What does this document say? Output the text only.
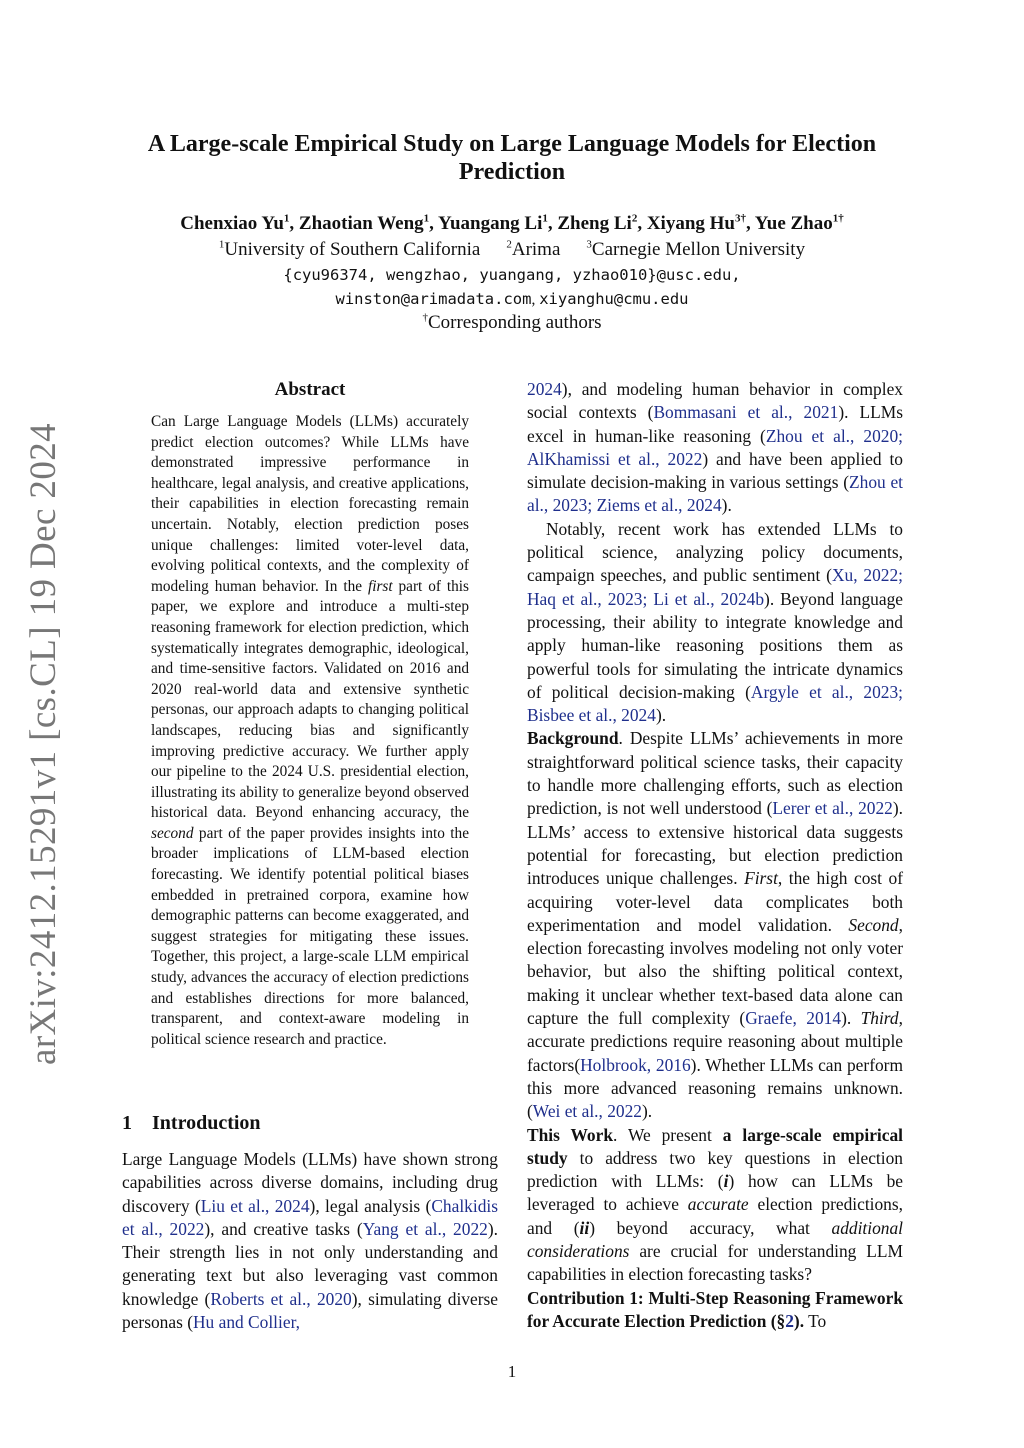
A Large-scale Empirical Study on Large Language Models for Election Prediction
Chenxiao Yu$^1$, Zhaotian Weng$^1$, Yuangang Li$^1$, Zheng Li$^2$, Xiyang $Hu^{3\dagger}$, Yue Zhao$^{1\dagger}$
$^1$University of Southern California $^2$Arima $^3$Carnegie Mellon University
{cyu96374, wengzhao, yuangang, yzhao010}@usc.edu,
winston@arimadata.com, xiyanghu@cmu.edu
†Corresponding authors
arXiv:2412.15291v1 [cs.CL] 19 Dec 2024
Abstract
Can Large Language Models (LLMs) accurately predict election outcomes? While LLMs have demonstrated impressive performance in healthcare, legal analysis, and creative applications, their capabilities in election forecasting remain uncertain. Notably, election prediction poses unique challenges: limited voter-level data, evolving political contexts, and the complexity of modeling human behavior. In the first part of this paper, we explore and introduce a multi-step reasoning framework for election prediction, which systematically integrates demographic, ideological, and time-sensitive factors. Validated on 2016 and 2020 real-world data and extensive synthetic personas, our approach adapts to changing political landscapes, reducing bias and significantly improving predictive accuracy. We further apply our pipeline to the 2024 U.S. presidential election, illustrating its ability to generalize beyond observed historical data. Beyond enhancing accuracy, the second part of the paper provides insights into the broader implications of LLM-based election forecasting. We identify potential political biases embedded in pretrained corpora, examine how demographic patterns can become exaggerated, and suggest strategies for mitigating these issues. Together, this project, a large-scale LLM empirical study, advances the accuracy of election predictions and establishes directions for more balanced, transparent, and context-aware modeling in political science research and practice.
1 Introduction
Large Language Models (LLMs) have shown strong capabilities across diverse domains, including drug discovery (Liu et al., 2024), legal analysis (Chalkidis et al., 2022), and creative tasks (Yang et al., 2022). Their strength lies in not only understanding and generating text but also leveraging vast common knowledge (Roberts et al., 2020), simulating diverse personas (Hu and Collier,

2024), and modeling human behavior in complex social contexts (Bommasani et al., 2021). LLMs excel in human-like reasoning (Zhou et al., 2020; AlKhamissi et al., 2022) and have been applied to simulate decision-making in various settings (Zhou et al., 2023; Ziems et al., 2024).

Notably, recent work has extended LLMs to political science, analyzing policy documents, campaign speeches, and public sentiment (Xu, 2022; Haq et al., 2023; Li et al., 2024b). Beyond language processing, their ability to integrate knowledge and apply human-like reasoning positions them as powerful tools for simulating the intricate dynamics of political decision-making (Argyle et al., 2023; Bisbee et al., 2024).

Background. Despite LLMs’ achievements in more straightforward political science tasks, their capacity to handle more challenging efforts, such as election prediction, is not well understood (Lerer et al., 2022). LLMs’ access to extensive historical data suggests potential for forecasting, but election prediction introduces unique challenges. First, the high cost of acquiring voter-level data complicates both experimentation and model validation. Second, election forecasting involves modeling not only voter behavior, but also the shifting political context, making it unclear whether text-based data alone can capture the full complexity (Graefe, 2014). Third, accurate predictions require reasoning about multiple factors(Holbrook, 2016). Whether LLMs can perform this more advanced reasoning remains unknown. (Wei et al., 2022).

This Work. We present a large-scale empirical study to address two key questions in election prediction with LLMs: (i) how can LLMs be leveraged to achieve accurate election predictions, and (ii) beyond accuracy, what additional considerations are crucial for understanding LLM capabilities in election forecasting tasks?

Contribution 1: Multi-Step Reasoning Framework for Accurate Election Prediction (§2). To

1
